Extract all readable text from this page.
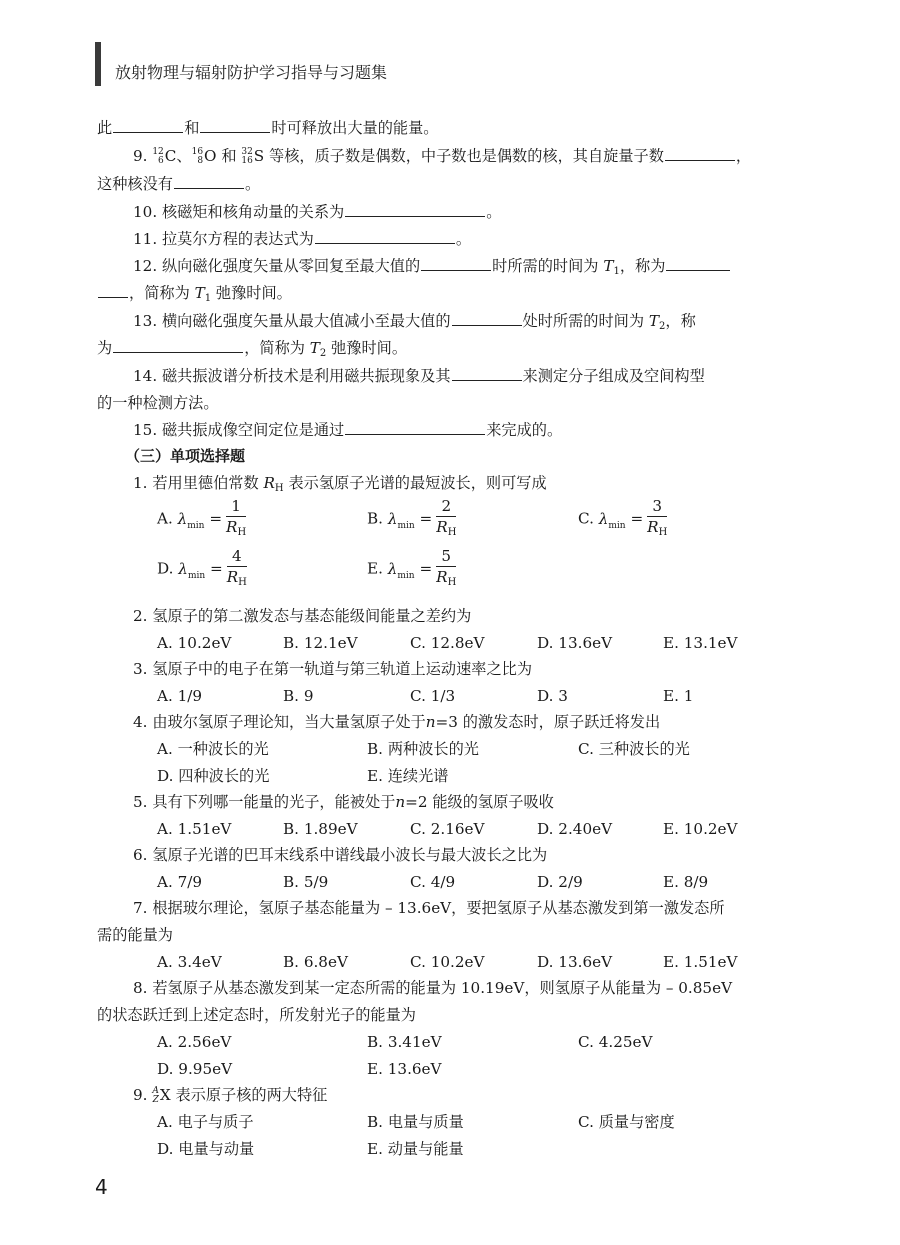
放射物理与辐射防护学习指导与习题集
此	和	时可释放出大量的能量。
9. 12
6 C、 16
8 O 和 32
16 S 等核，质子数是偶数，中子数也是偶数的核，其自旋量子数	，
这种核没有	。
10. 核磁矩和核角动量的关系为	。
11. 拉莫尔方程的表达式为	。
12. 纵向磁化强度矢量从零回复至最大值的	时所需的时间为 $T_1$，称为
，简称为 $T_1$ 弛豫时间。
13. 横向磁化强度矢量从最大值减小至最大值的	处时所需的时间为 $T_2$，称
为	，简称为 $T_2$ 弛豫时间。
14. 磁共振波谱分析技术是利用磁共振现象及其	来测定分子组成及空间构型
的一种检测方法。
15. 磁共振成像空间定位是通过	来完成的。
（三）单项选择题
1. 若用里德伯常数 $R_H$ 表示氢原子光谱的最短波长，则可写成
A. $\lambda_{min} = \frac{1}{R_H}$	B. $\lambda_{min} = \frac{2}{R_H}$	C. $\lambda_{min} = \frac{3}{R_H}$
D. $\lambda_{min} = \frac{4}{R_H}$	E. $\lambda_{min} = \frac{5}{R_H}$
2. 氢原子的第二激发态与基态能级间能量之差约为
A. 10.2eV	B. 12.1eV	C. 12.8eV	D. 13.6eV	E. 13.1eV
3. 氢原子中的电子在第一轨道与第三轨道上运动速率之比为
A. 1/9	B. 9	C. 1/3	D. 3	E. 1
4. 由玻尔氢原子理论知，当大量氢原子处于n=3 的激发态时，原子跃迁将发出
A. 一种波长的光	B. 两种波长的光	C. 三种波长的光
D. 四种波长的光	E. 连续光谱
5. 具有下列哪一能量的光子，能被处于n=2 能级的氢原子吸收
A. 1.51eV	B. 1.89eV	C. 2.16eV	D. 2.40eV	E. 10.2eV
6. 氢原子光谱的巴耳末线系中谱线最小波长与最大波长之比为
A. 7/9	B. 5/9	C. 4/9	D. 2/9	E. 8/9
7. 根据玻尔理论，氢原子基态能量为 – 13.6eV，要把氢原子从基态激发到第一激发态所
需的能量为
A. 3.4eV	B. 6.8eV	C. 10.2eV	D. 13.6eV	E. 1.51eV
8. 若氢原子从基态激发到某一定态所需的能量为 10.19eV，则氢原子从能量为 – 0.85eV
的状态跃迁到上述定态时，所发射光子的能量为
A. 2.56eV	B. 3.41eV	C. 4.25eV
D. 9.95eV	E. 13.6eV
9. A
Z X 表示原子核的两大特征
A. 电子与质子	B. 电量与质量	C. 质量与密度
D. 电量与动量	E. 动量与能量
4
